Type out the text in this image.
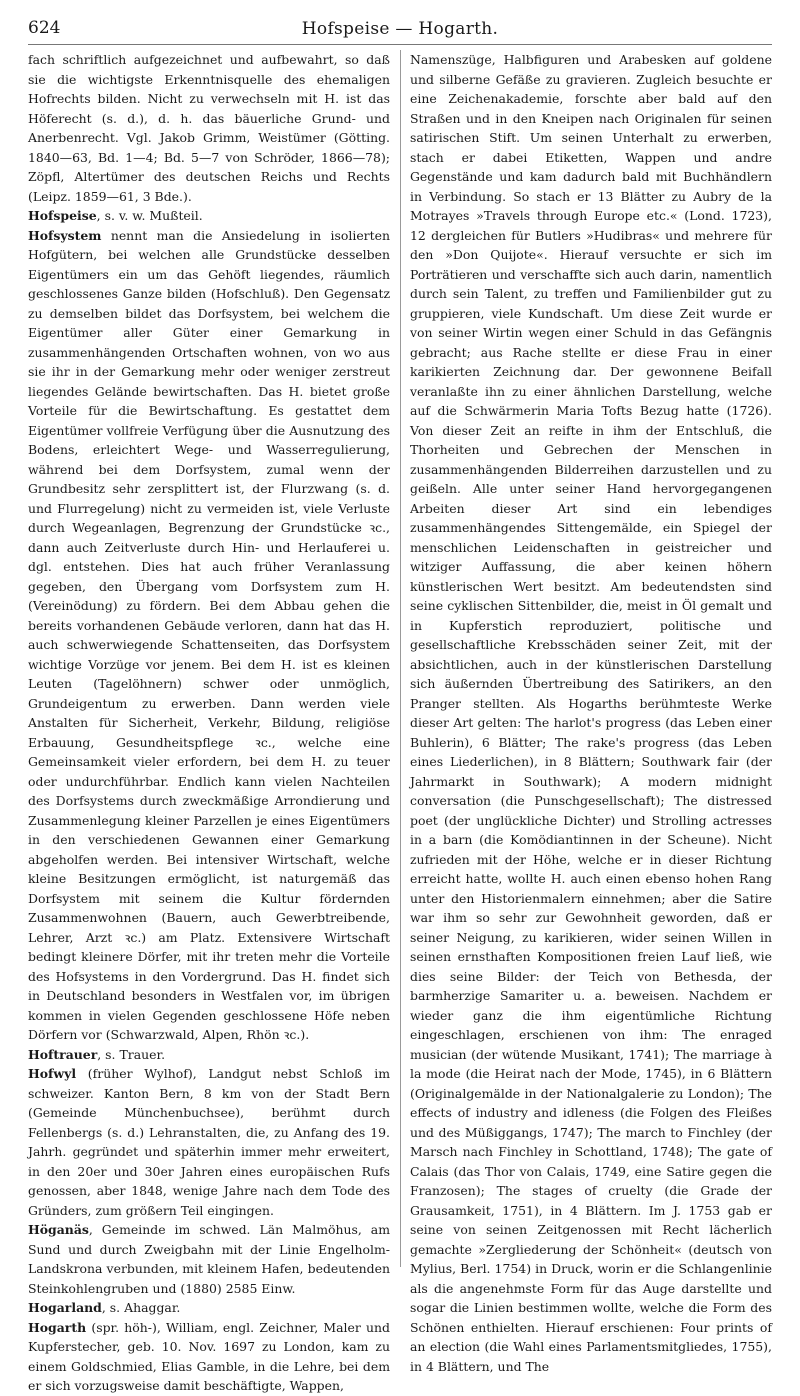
624	Hofspeise — Hogarth.

fach schriftlich aufgezeichnet und aufbewahrt, so daß sie die wichtigste Erkenntnisquelle des ehemaligen Hofrechts bilden. Nicht zu verwechseln mit H. ist das Höferecht (s. d.), d. h. das bäuerliche Grund- und Anerbenrecht. Vgl. Jakob Grimm, Weistümer (Götting. 1840—63, Bd. 1—4; Bd. 5—7 von Schröder, 1866—78); Zöpfl, Altertümer des deutschen Reichs und Rechts (Leipz. 1859—61, 3 Bde.).

Hofspeise, s. v. w. Mußteil.

Hofsystem nennt man die Ansiedelung in isolierten Hofgütern, bei welchen alle Grundstücke desselben Eigentümers ein um das Gehöft liegendes, räumlich geschlossenes Ganze bilden (Hofschluß). Den Gegensatz zu demselben bildet das Dorfsystem, bei welchem die Eigentümer aller Güter einer Gemarkung in zusammenhängenden Ortschaften wohnen, von wo aus sie ihr in der Gemarkung mehr oder weniger zerstreut liegendes Gelände bewirtschaften. Das H. bietet große Vorteile für die Bewirtschaftung. Es gestattet dem Eigentümer vollfreie Verfügung über die Ausnutzung des Bodens, erleichtert Wege- und Wasserregulierung, während bei dem Dorfsystem, zumal wenn der Grundbesitz sehr zersplittert ist, der Flurzwang (s. d. und Flurregelung) nicht zu vermeiden ist, viele Verluste durch Wegeanlagen, Begrenzung der Grundstücke ꝛc., dann auch Zeitverluste durch Hin- und Herlauferei u. dgl. entstehen. Dies hat auch früher Veranlassung gegeben, den Übergang vom Dorfsystem zum H. (Vereinödung) zu fördern. Bei dem Abbau gehen die bereits vorhandenen Gebäude verloren, dann hat das H. auch schwerwiegende Schattenseiten, das Dorfsystem wichtige Vorzüge vor jenem. Bei dem H. ist es kleinen Leuten (Tagelöhnern) schwer oder unmöglich, Grundeigentum zu erwerben. Dann werden viele Anstalten für Sicherheit, Verkehr, Bildung, religiöse Erbauung, Gesundheitspflege ꝛc., welche eine Gemeinsamkeit vieler erfordern, bei dem H. zu teuer oder undurchführbar. Endlich kann vielen Nachteilen des Dorfsystems durch zweckmäßige Arrondierung und Zusammenlegung kleiner Parzellen je eines Eigentümers in den verschiedenen Gewannen einer Gemarkung abgeholfen werden. Bei intensiver Wirtschaft, welche kleine Besitzungen ermöglicht, ist naturgemäß das Dorfsystem mit seinem die Kultur fördernden Zusammenwohnen (Bauern, auch Gewerbtreibende, Lehrer, Arzt ꝛc.) am Platz. Extensivere Wirtschaft bedingt kleinere Dörfer, mit ihr treten mehr die Vorteile des Hofsystems in den Vordergrund. Das H. findet sich in Deutschland besonders in Westfalen vor, im übrigen kommen in vielen Gegenden geschlossene Höfe neben Dörfern vor (Schwarzwald, Alpen, Rhön ꝛc.).

Hoftrauer, s. Trauer.

Hofwyl (früher Wylhof), Landgut nebst Schloß im schweizer. Kanton Bern, 8 km von der Stadt Bern (Gemeinde Münchenbuchsee), berühmt durch Fellenbergs (s. d.) Lehranstalten, die, zu Anfang des 19. Jahrh. gegründet und späterhin immer mehr erweitert, in den 20er und 30er Jahren eines europäischen Rufs genossen, aber 1848, wenige Jahre nach dem Tode des Gründers, zum größern Teil eingingen.

Höganäs, Gemeinde im schwed. Län Malmöhus, am Sund und durch Zweigbahn mit der Linie Engelholm-Landskrona verbunden, mit kleinem Hafen, bedeutenden Steinkohlengruben und (1880) 2585 Einw.

Hogarland, s. Ahaggar.

Hogarth (spr. höh-), William, engl. Zeichner, Maler und Kupferstecher, geb. 10. Nov. 1697 zu London, kam zu einem Goldschmied, Elias Gamble, in die Lehre, bei dem er sich vorzugsweise damit beschäftigte, Wappen,

Namenszüge, Halbfiguren und Arabesken auf goldene und silberne Gefäße zu gravieren. Zugleich besuchte er eine Zeichenakademie, forschte aber bald auf den Straßen und in den Kneipen nach Originalen für seinen satirischen Stift. Um seinen Unterhalt zu erwerben, stach er dabei Etiketten, Wappen und andre Gegenstände und kam dadurch bald mit Buchhändlern in Verbindung. So stach er 13 Blätter zu Aubry de la Motrayes »Travels through Europe etc.« (Lond. 1723), 12 dergleichen für Butlers »Hudibras« und mehrere für den »Don Quijote«. Hierauf versuchte er sich im Porträtieren und verschaffte sich auch darin, namentlich durch sein Talent, zu treffen und Familienbilder gut zu gruppieren, viele Kundschaft. Um diese Zeit wurde er von seiner Wirtin wegen einer Schuld in das Gefängnis gebracht; aus Rache stellte er diese Frau in einer karikierten Zeichnung dar. Der gewonnene Beifall veranlaßte ihn zu einer ähnlichen Darstellung, welche auf die Schwärmerin Maria Tofts Bezug hatte (1726). Von dieser Zeit an reifte in ihm der Entschluß, die Thorheiten und Gebrechen der Menschen in zusammenhängenden Bilderreihen darzustellen und zu geißeln. Alle unter seiner Hand hervorgegangenen Arbeiten dieser Art sind ein lebendiges zusammenhängendes Sittengemälde, ein Spiegel der menschlichen Leidenschaften in geistreicher und witziger Auffassung, die aber keinen höhern künstlerischen Wert besitzt. Am bedeutendsten sind seine cyklischen Sittenbilder, die, meist in Öl gemalt und in Kupferstich reproduziert, politische und gesellschaftliche Krebsschäden seiner Zeit, mit der absichtlichen, auch in der künstlerischen Darstellung sich äußernden Übertreibung des Satirikers, an den Pranger stellten. Als Hogarths berühmteste Werke dieser Art gelten: The harlot's progress (das Leben einer Buhlerin), 6 Blätter; The rake's progress (das Leben eines Liederlichen), in 8 Blättern; Southwark fair (der Jahrmarkt in Southwark); A modern midnight conversation (die Punschgesellschaft); The distressed poet (der unglückliche Dichter) und Strolling actresses in a barn (die Komödiantinnen in der Scheune). Nicht zufrieden mit der Höhe, welche er in dieser Richtung erreicht hatte, wollte H. auch einen ebenso hohen Rang unter den Historienmalern einnehmen; aber die Satire war ihm so sehr zur Gewohnheit geworden, daß er seiner Neigung, zu karikieren, wider seinen Willen in seinen ernsthaften Kompositionen freien Lauf ließ, wie dies seine Bilder: der Teich von Bethesda, der barmherzige Samariter u. a. beweisen. Nachdem er wieder ganz die ihm eigentümliche Richtung eingeschlagen, erschienen von ihm: The enraged musician (der wütende Musikant, 1741); The marriage à la mode (die Heirat nach der Mode, 1745), in 6 Blättern (Originalgemälde in der Nationalgalerie zu London); The effects of industry and idleness (die Folgen des Fleißes und des Müßiggangs, 1747); The march to Finchley (der Marsch nach Finchley in Schottland, 1748); The gate of Calais (das Thor von Calais, 1749, eine Satire gegen die Franzosen); The stages of cruelty (die Grade der Grausamkeit, 1751), in 4 Blättern. Im J. 1753 gab er seine von seinen Zeitgenossen mit Recht lächerlich gemachte »Zergliederung der Schönheit« (deutsch von Mylius, Berl. 1754) in Druck, worin er die Schlangenlinie als die angenehmste Form für das Auge darstellte und sogar die Linien bestimmen wollte, welche die Form des Schönen enthielten. Hierauf erschienen: Four prints of an election (die Wahl eines Parlamentsmitgliedes, 1755), in 4 Blättern, und The
